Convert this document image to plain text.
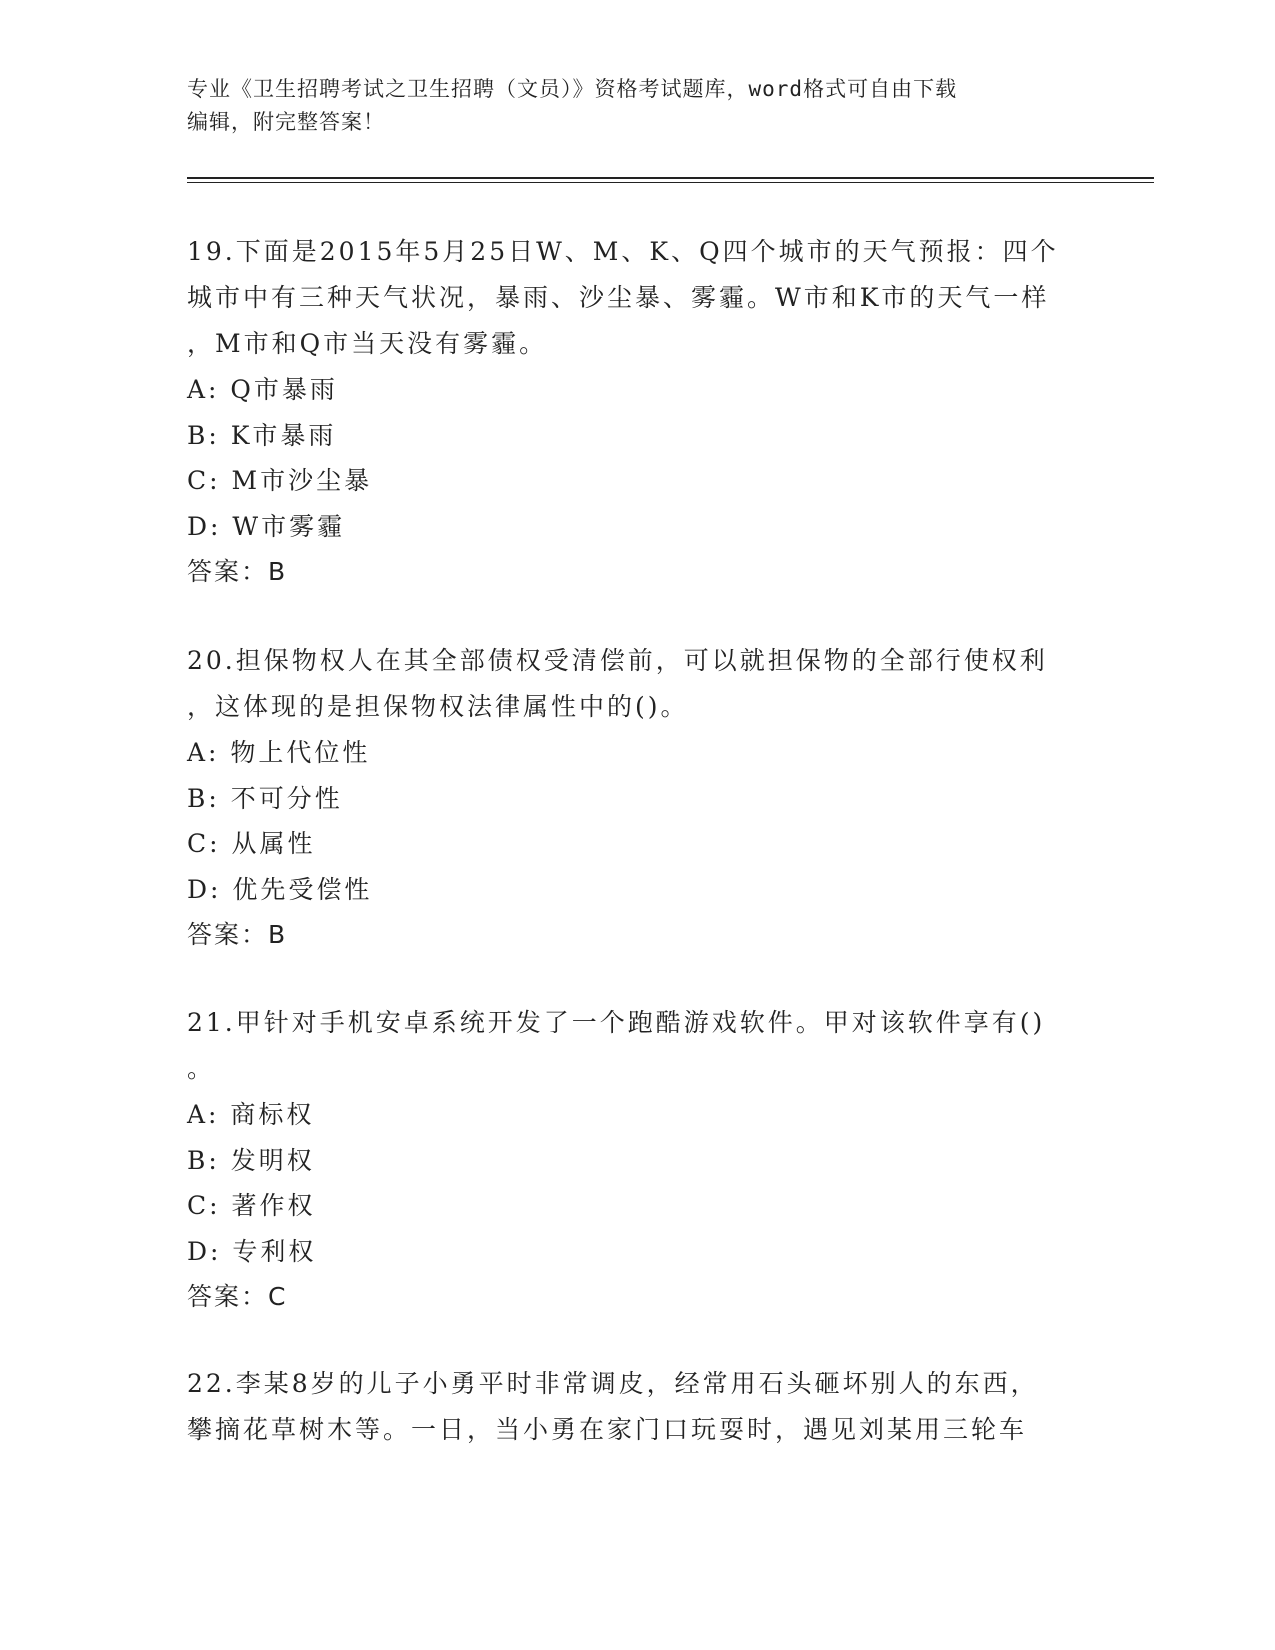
专业《卫生招聘考试之卫生招聘（文员）》资格考试题库，word格式可自由下载
编辑，附完整答案！

19.下面是2015年5月25日W、M、K、Q四个城市的天气预报：四个

城市中有三种天气状况，暴雨、沙尘暴、雾霾。W市和K市的天气一样

，M市和Q市当天没有雾霾。

A: Q市暴雨

B: K市暴雨

C: M市沙尘暴

D: W市雾霾

答案：B

20.担保物权人在其全部债权受清偿前，可以就担保物的全部行使权利

，这体现的是担保物权法律属性中的()。

A: 物上代位性

B: 不可分性

C: 从属性

D: 优先受偿性

答案：B

21.甲针对手机安卓系统开发了一个跑酷游戏软件。甲对该软件享有()

。

A: 商标权

B: 发明权

C: 著作权

D: 专利权

答案：C

22.李某8岁的儿子小勇平时非常调皮，经常用石头砸坏别人的东西，

攀摘花草树木等。一日，当小勇在家门口玩耍时，遇见刘某用三轮车
